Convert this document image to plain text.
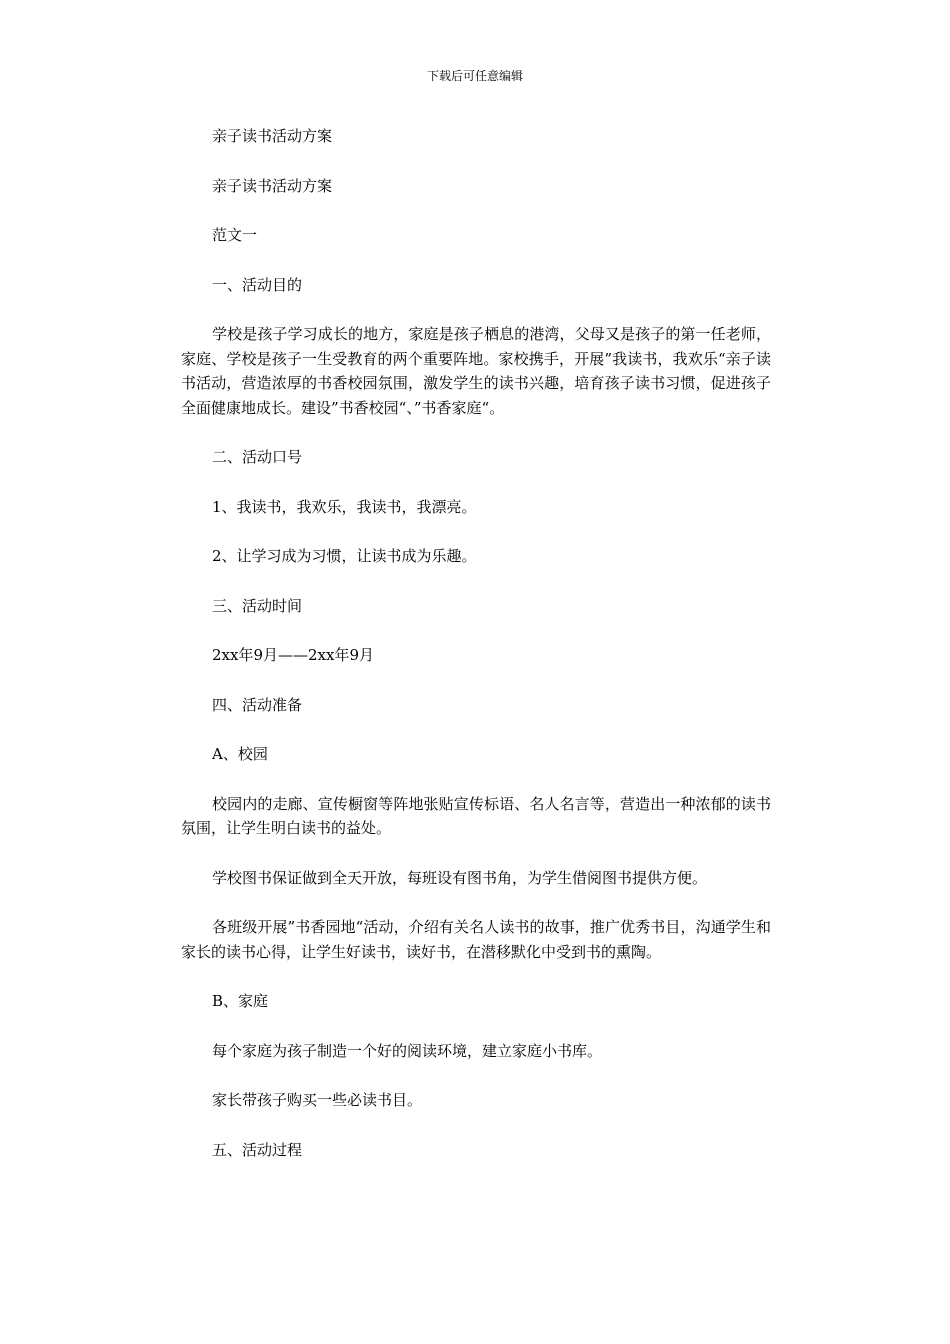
下载后可任意编辑

亲子读书活动方案

亲子读书活动方案

范文一

一、活动目的

学校是孩子学习成长的地方，家庭是孩子栖息的港湾，父母又是孩子的第一任老师，家庭、学校是孩子一生受教育的两个重要阵地。家校携手，开展”我读书，我欢乐“亲子读书活动，营造浓厚的书香校园氛围，激发学生的读书兴趣，培育孩子读书习惯，促进孩子全面健康地成长。建设”书香校园“、”书香家庭“。

二、活动口号

1、我读书，我欢乐，我读书，我漂亮。

2、让学习成为习惯，让读书成为乐趣。

三、活动时间

2xx年9月——2xx年9月

四、活动准备

A、校园

校园内的走廊、宣传橱窗等阵地张贴宣传标语、名人名言等，营造出一种浓郁的读书氛围，让学生明白读书的益处。

学校图书保证做到全天开放，每班设有图书角，为学生借阅图书提供方便。

各班级开展”书香园地“活动，介绍有关名人读书的故事，推广优秀书目，沟通学生和家长的读书心得，让学生好读书，读好书，在潜移默化中受到书的熏陶。

B、家庭

每个家庭为孩子制造一个好的阅读环境，建立家庭小书库。

家长带孩子购买一些必读书目。

五、活动过程
